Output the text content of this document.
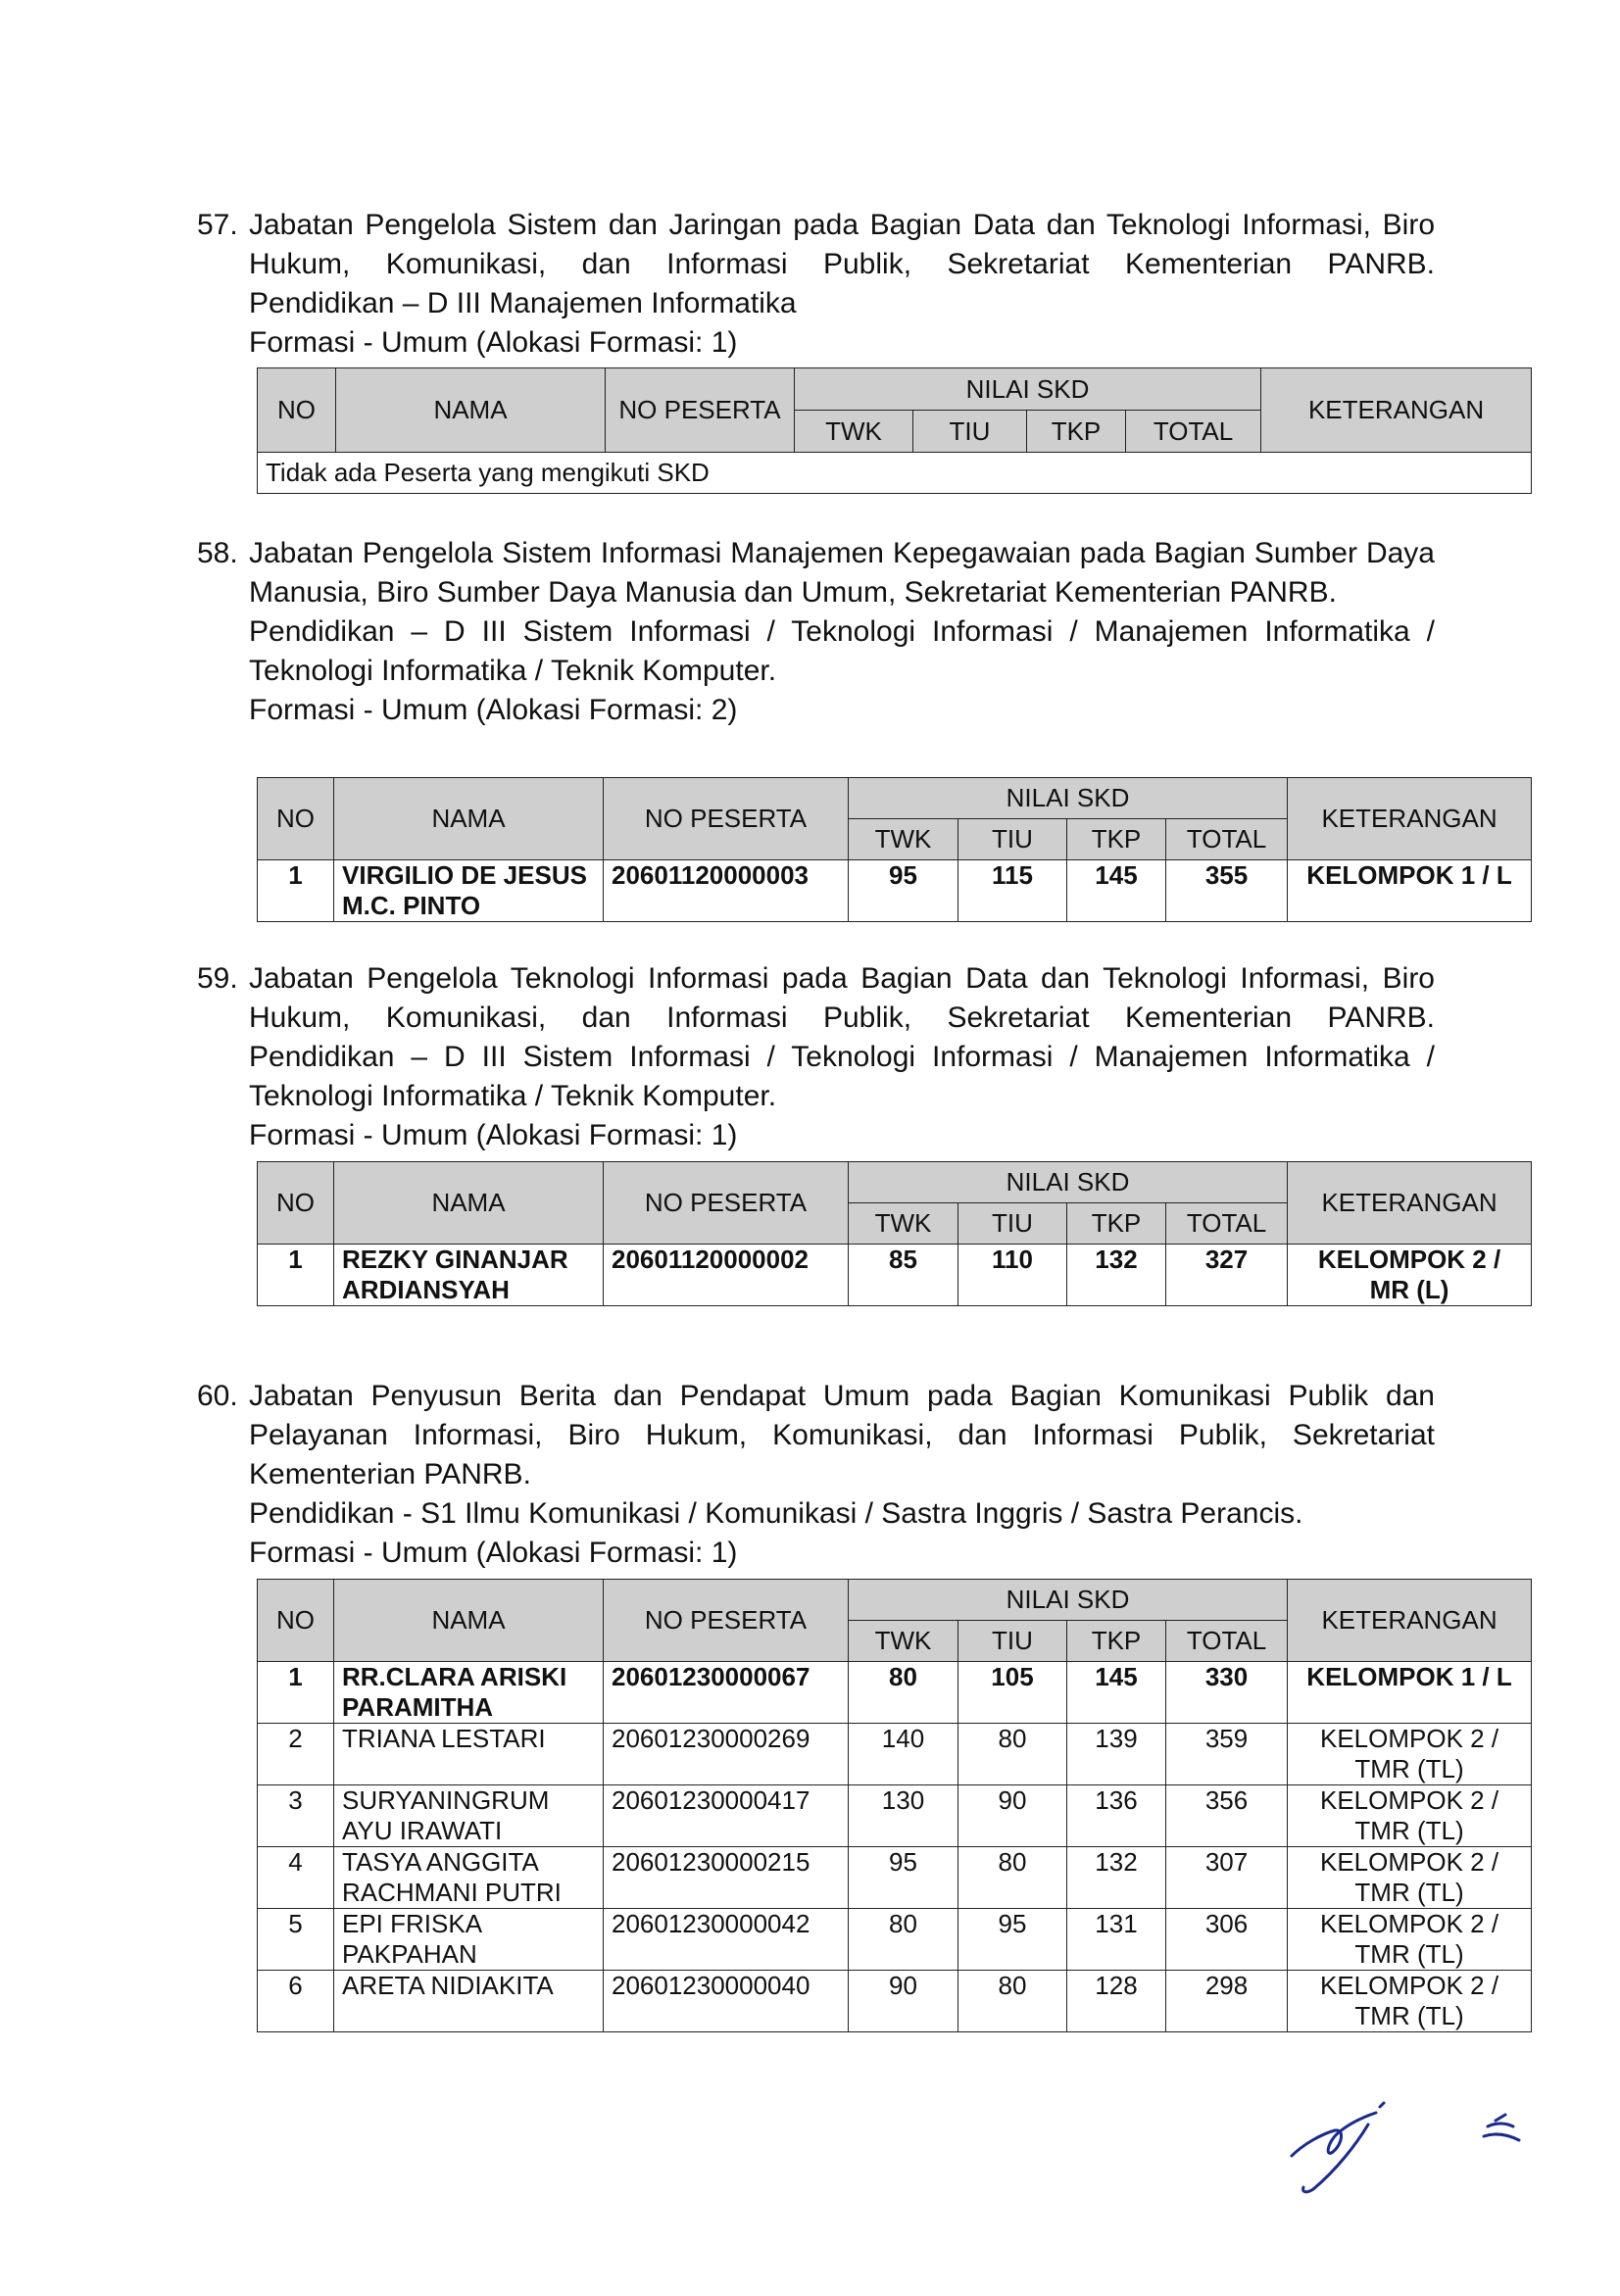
57. Jabatan Pengelola Sistem dan Jaringan pada Bagian Data dan Teknologi Informasi, Biro Hukum, Komunikasi, dan Informasi Publik, Sekretariat Kementerian PANRB.

Pendidikan – D III Manajemen Informatika

Formasi - Umum (Alokasi Formasi: 1)

NO	NAMA	NO PESERTA	NILAI SKD				KETERANGAN
			TWK	TIU	TKP	TOTAL	
Tidak ada Peserta yang mengikuti SKD							
58. Jabatan Pengelola Sistem Informasi Manajemen Kepegawaian pada Bagian Sumber Daya Manusia, Biro Sumber Daya Manusia dan Umum, Sekretariat Kementerian PANRB.

Pendidikan – D III Sistem Informasi / Teknologi Informasi / Manajemen Informatika / Teknologi Informatika / Teknik Komputer.

Formasi - Umum (Alokasi Formasi: 2)

NO	NAMA	NO PESERTA	NILAI SKD				KETERANGAN
			TWK	TIU	TKP	TOTAL	
1	VIRGILIO DE JESUS M.C. PINTO	20601120000003	95	115	145	355	KELOMPOK 1 / L
59. Jabatan Pengelola Teknologi Informasi pada Bagian Data dan Teknologi Informasi, Biro Hukum, Komunikasi, dan Informasi Publik, Sekretariat Kementerian PANRB.

Pendidikan – D III Sistem Informasi / Teknologi Informasi / Manajemen Informatika / Teknologi Informatika / Teknik Komputer.

Formasi - Umum (Alokasi Formasi: 1)

NO	NAMA	NO PESERTA	NILAI SKD				KETERANGAN
			TWK	TIU	TKP	TOTAL	
1	REZKY GINANJAR ARDIANSYAH	20601120000002	85	110	132	327	KELOMPOK 2 / MR (L)
60. Jabatan Penyusun Berita dan Pendapat Umum pada Bagian Komunikasi Publik dan Pelayanan Informasi, Biro Hukum, Komunikasi, dan Informasi Publik, Sekretariat Kementerian PANRB.

Pendidikan - S1 Ilmu Komunikasi / Komunikasi / Sastra Inggris / Sastra Perancis.

Formasi - Umum (Alokasi Formasi: 1)

NO	NAMA	NO PESERTA	NILAI SKD				KETERANGAN
			TWK	TIU	TKP	TOTAL	
1	RR.CLARA ARISKI PARAMITHA	20601230000067	80	105	145	330	KELOMPOK 1 / L
2	TRIANA LESTARI	20601230000269	140	80	139	359	KELOMPOK 2 / TMR (TL)
3	SURYANINGRUM AYU IRAWATI	20601230000417	130	90	136	356	KELOMPOK 2 / TMR (TL)
4	TASYA ANGGITA RACHMANI PUTRI	20601230000215	95	80	132	307	KELOMPOK 2 / TMR (TL)
5	EPI FRISKA PAKPAHAN	20601230000042	80	95	131	306	KELOMPOK 2 / TMR (TL)
6	ARETA NIDIAKITA	20601230000040	90	80	128	298	KELOMPOK 2 / TMR (TL)
